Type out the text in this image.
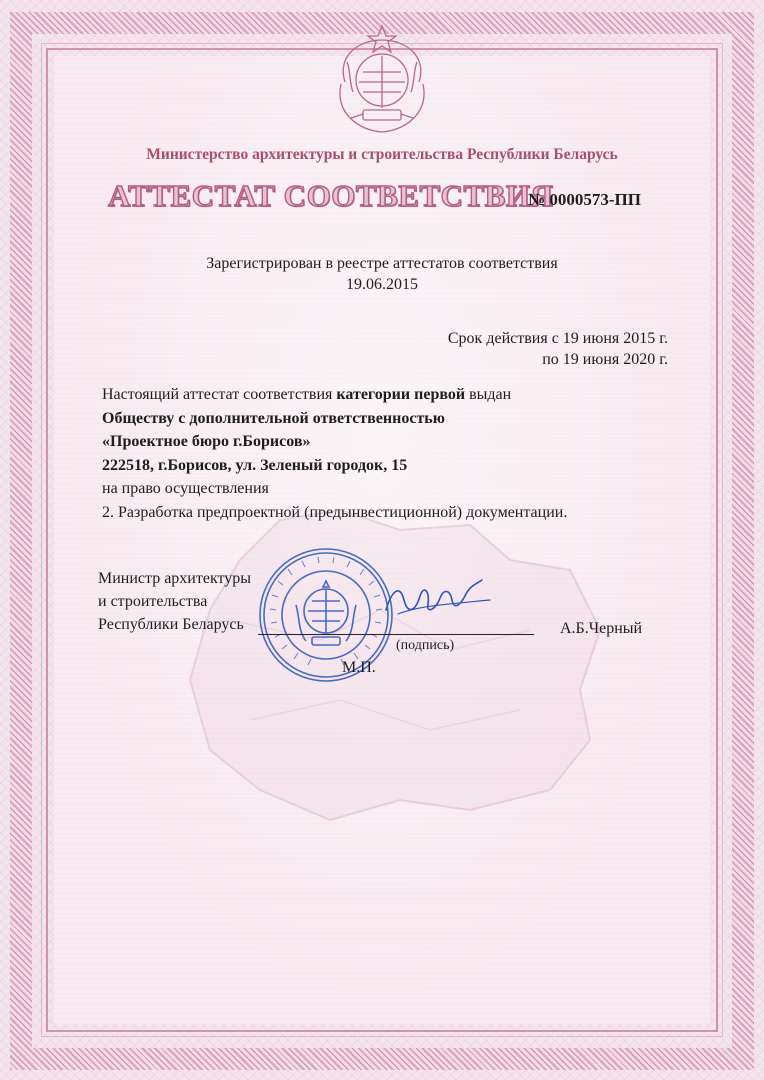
Министерство архитектуры и строительства Республики Беларусь
АТТЕСТАТ СООТВЕТСТВИЯ
№ 0000573-ПП
Зарегистрирован в реестре аттестатов соответствия
19.06.2015
Срок действия с 19 июня 2015 г.
по 19 июня 2020 г.
Настоящий аттестат соответствия категории первой выдан
Обществу с дополнительной ответственностью
«Проектное бюро г.Борисов»
222518, г.Борисов, ул. Зеленый городок, 15
на право осуществления
2. Разработка предпроектной (предынвестиционной) документации.
Министр архитектуры
и строительства
Республики Беларусь
(подпись)
А.Б.Черный
М.П.
